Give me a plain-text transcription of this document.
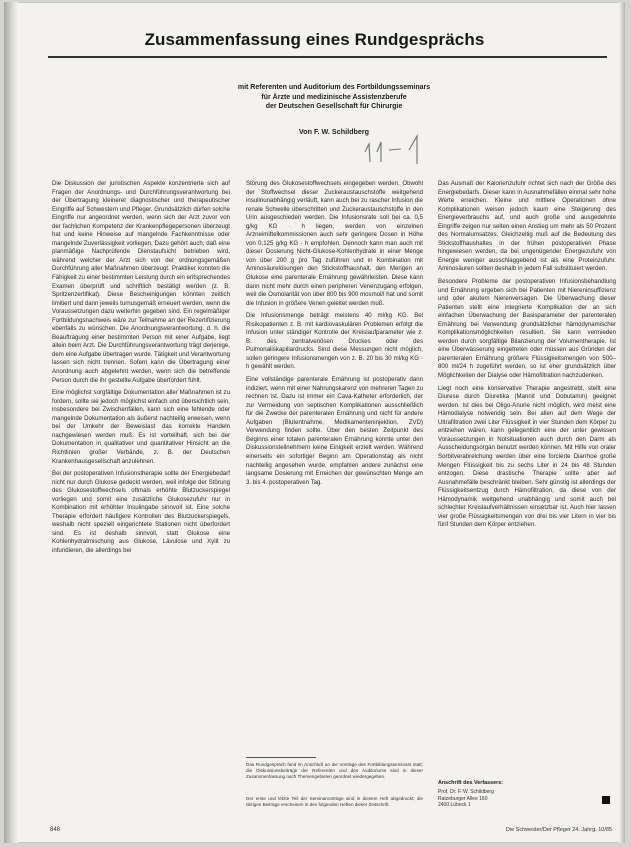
Zusammenfassung eines Rundgesprächs
mit Referenten und Auditorium des Fortbildungsseminars
für Ärzte und medizinische Assistenzberufe
der Deutschen Gesellschaft für Chirurgie
Von F. W. Schildberg

Die Diskussion der juristischen Aspekte konzentrierte sich auf Fragen der Anordnungs- und Durchführungsverantwortung bei der Übertragung kleinerer diagnostischer und therapeutischer Eingriffe auf Schwestern und Pfleger. Grundsätzlich dürfen solche Eingriffe nur angeordnet werden, wenn sich der Arzt zuvor von der fachlichen Kompetenz der Krankenpflegepersonen überzeugt hat und keine Hinweise auf mangelnde Fachkenntnisse oder mangelnde Zuverlässigkeit vorliegen. Dazu gehört auch, daß eine planmäßige Nachprüfende Dienstaufsicht betrieben wird, während welcher der Arzt sich von der ordnungsgemäßen Durchführung aller Maßnahmen überzeugt. Praktiker konnten die Fähigkeit zu einer bestimmten Leistung durch ein entsprechendes Examen überprüft und schriftlich bestätigt werden (z. B. Spritzenzertifikat). Diese Bescheinigungen könnten zeitlich limitiert und dann jeweils turnusgemäß erneuert werden, wenn die Voraussetzungen dazu weiterhin gegeben sind. Ein regelmäßiger Fortbildungsnachweis wäre zur Teilnahme an der Rezertifizierung ebenfalls zu wünschen. Die Anordnungsverantwortung, d. h. die Beauftragung einer bestimmten Person mit einer Aufgabe, liegt allein beim Arzt. Die Durchführungsverantwortung trägt derjenige, dem eine Aufgabe übertragen wurde. Tätigkeit und Verantwortung lassen sich nicht trennen. Sofern kann die Übertragung einer Anordnung auch abgelehnt werden, wenn sich die betreffende Person durch die ihr gestellte Aufgabe überfordert fühlt.

Eine möglichst sorgfältige Dokumentation aller Maßnahmen ist zu fordern, sollte sie jedoch möglichst einfach und übersichtlich sein, insbesondere bei Zwischenfällen, kann sich eine fehlende oder mangelnde Dokumentation als äußerst nachteilig erweisen, wenn bei der Umkehr der Beweislast das korrekte Handeln nachgewiesen werden muß. Es ist vorteilhaft, sich bei der Dokumentation in qualitativer und quantitativer Hinsicht an die Richtlinien großer Verbände, z. B. der Deutschen Krankenhausgesellschaft anzulehnen.

Bei der postoperativen Infusionstherapie sollte der Energiebedarf nicht nur durch Glukose gedeckt werden, weil infolge der Störung des Glukosestoffwechsels oftmals erhöhte Blutzuckerspiegel vorliegen und somit eine zusätzliche Glukosezufuhr nur in Kombination mit erhöhter Insulingabe sinnvoll ist. Eine solche Therapie erfordert häufigere Kontrollen des Blutzuckerspiegels, weshalb nicht speziell eingerichtete Stationen nicht überfordert sind. Es ist deshalb sinnvoll, statt Glukose eine Kohlenhydratmischung aus Glukose, Lävulose und Xylit zu infundieren, die allerdings bei

Störung des Glukosestoffwechsels eingegeben werden. Obwohl der Stoffwechsel dieser Zuckeraustauschstoffe weitgehend insulinunabhängig verläuft, kann auch bei zu rascher Infusion die renale Schwelle überschritten und Zuckeraustauschstoffe in den Urin ausgeschieden werden. Die Infusionsrate soll bei ca. 0,5 g/kg KG · h liegen, werden von einzelnen Arzneimittelkommissionen auch sehr geringere Dosen in Höhe von 0,125 g/kg KG · h empfohlen. Dennoch kann man auch mit dieser Dosierung Nicht-Glukose-Kohlenhydrate in einer Menge von über 200 g pro Tag zuführen und in Kombination mit Aminosäurelösungen den Stickstoffhaushalt, den Mengen an Glukose eine parenterale Ernährung gewährleisten. Diese kann dann nicht mehr durch einen peripheren Venenzugang erfolgen, weil die Osmolarität von über 800 bis 900 mosmol/l hat und somit die Infusion in größere Venen geleitet werden muß.

Die Infusionsmenge beträgt meistens 40 ml/kg KG. Bei Risikopatienten z. B. mit kardiovaskulären Problemen erfolgt die Infusion unter ständiger Kontrolle der Kreislaufparameter wie z. B. des zentralvenösen Druckes oder des Pulmonaliskapillardrucks. Sind diese Messungen nicht möglich, sollen geringere Infusionsmengen von z. B. 20 bis 30 ml/kg KG · h gewählt werden.

Eine vollständige parenterale Ernährung ist postoperativ dann indiziert, wenn mit einer Nahrungskarenz von mehreren Tagen zu rechnen ist. Dazu ist immer ein Cava-Katheter erforderlich, der zur Vermeidung von septischen Komplikationen ausschließlich für die Zwecke der parenteralen Ernährung und nicht für andere Aufgaben (Blutentnahme, Medikamenteninjektion, ZVD) Verwendung finden sollte. Über den besten Zeitpunkt des Beginns einer totalen parenteralen Ernährung konnte unter den Diskussionsteilnehmern keine Einigkeit erzielt werden. Während einerseits ein sofortiger Beginn am Operationstag als nicht nachteilig angesehen wurde, empfahlen andere zunächst eine langsame Dosierung mit Erreichen der gewünschten Menge am 3. bis 4. postoperativen Tag.

Das Rundgespräch fand im Anschluß an die Vorträge des Fortbildungsseminars statt; die Diskussionsbeiträge der Referenten und des Auditoriums sind in dieser Zusammenfassung nach Themengebieten geordnet wiedergegeben.
Der erste und letzte Teil der Seminarvorträge sind in diesem Heft abgedruckt; die übrigen Beiträge erscheinen in den folgenden Heften dieser Zeitschrift.

Das Ausmaß der Kalorienzufuhr richtet sich nach der Größe des Energiebedarfs. Dieser kann in Ausnahmefällen einmal sehr hohe Werte erreichen. Kleine und mittlere Operationen ohne Komplikationen weisen jedoch kaum eine Steigerung des Energieverbrauchs auf, und auch große und ausgedehnte Eingriffe zeigen nur selten einen Anstieg um mehr als 50 Prozent des Normalumsatzes. Gleichzeitig muß auf die Bedeutung des Stickstoffhaushaltes in der frühen postoperativen Phase hingewiesen werden, da bei ungenügender Energiezufuhr von Energie weniger ausschlaggebend ist als eine Proteinzufuhr. Aminosäuren sollten deshalb in jedem Fall substituiert werden.

Besondere Probleme der postoperativen Infusionsbehandlung und Ernährung ergeben sich bei Patienten mit Niereninsuffizienz und oder akutem Nierenversagen. Die Überwachung dieser Patienten stellt eine integrierte Komplikation der an sich einfachen Überwachung der Basisparameter der parenteralen Ernährung bei Verwendung grundsätzlicher hämodynamischer Komplikationsmöglichkeiten resultiert. Sie kann vermieden werden durch sorgfältige Bilanzierung der Volumentherapie. Ist eine Überwässerung eingetreten oder müssen aus Gründen der parenteralen Ernährung größere Flüssigkeitsmengen von 500–800 ml/24 h zugeführt werden, so ist eher grundsätzlich über Möglichkeiten der Dialyse oder Hämofiltration nachzudenken.

Liegt noch eine konservative Therapie angestrebt, stellt eine Diurese durch Diuretika (Mannit und Dobutamin) geeignet werden. Ist dies bei Oligo-Anurie nicht möglich, wird meist eine Hämodialyse notwendig sein. Bei allen auf dem Wege der Ultrafiltration zwei Liter Flüssigkeit in vier Stunden dem Körper zu entziehen wären, kann gelegentlich eine der unter gewissen Voraussetzungen in Notsituationen auch durch den Darm als Ausscheidungsorgan benutzt werden können. Mit Hilfe von oraler Sorbitverabreichung werden über eine forcierte Diarrhoe große Mengen Flüssigkeit bis zu sechs Liter in 24 bis 48 Stunden entzogen. Diese drastische Therapie sollte aber auf Ausnahmefälle beschränkt bleiben. Sehr günstig ist allerdings der Flüssigkeitsentzug durch Hämofiltration, da diese von der Hämodynamik weitgehend unabhängig und somit auch bei schlechter Kreislaufverhältnissen einsetzbar ist. Auch hier lassen vier große Flüssigkeitsmengen von drei bis vier Litern in vier bis fünf Stunden dem Körper entziehen.

Anschrift des Verfassers:
Prof. Dr. F. W. Schildberg
Ratzeburger Allee 160
2400 Lübeck 1
848	Die Schwester/Der Pfleger 24. Jahrg. 10/85
